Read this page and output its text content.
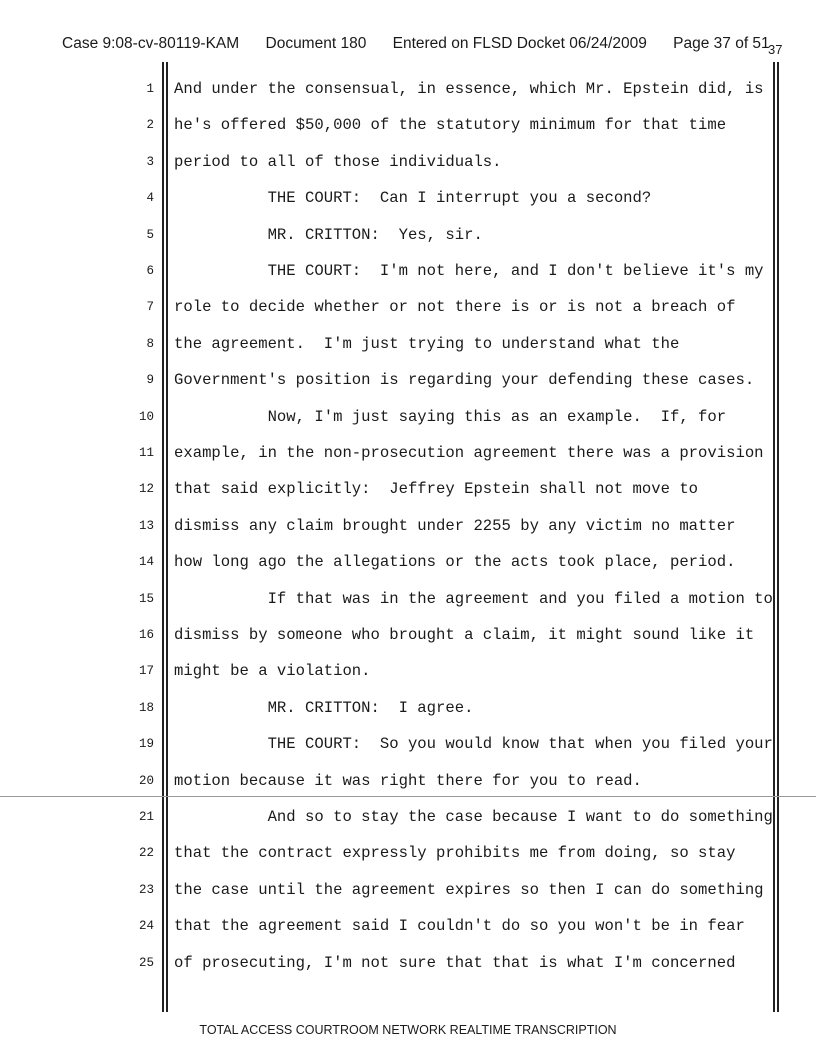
Case 9:08-cv-80119-KAM Document 180 Entered on FLSD Docket 06/24/2009 Page 37 of 51
37
1 And under the consensual, in essence, which Mr. Epstein did, is
2 he's offered $50,000 of the statutory minimum for that time
3 period to all of those individuals.
4 THE COURT:  Can I interrupt you a second?
5 MR. CRITTON:  Yes, sir.
6 THE COURT:  I'm not here, and I don't believe it's my
7 role to decide whether or not there is or is not a breach of
8 the agreement.  I'm just trying to understand what the
9 Government's position is regarding your defending these cases.
10 Now, I'm just saying this as an example.  If, for
11 example, in the non-prosecution agreement there was a provision
12 that said explicitly:  Jeffrey Epstein shall not move to
13 dismiss any claim brought under 2255 by any victim no matter
14 how long ago the allegations or the acts took place, period.
15 If that was in the agreement and you filed a motion to
16 dismiss by someone who brought a claim, it might sound like it
17 might be a violation.
18 MR. CRITTON:  I agree.
19 THE COURT:  So you would know that when you filed your
20 motion because it was right there for you to read.
21 And so to stay the case because I want to do something
22 that the contract expressly prohibits me from doing, so stay
23 the case until the agreement expires so then I can do something
24 that the agreement said I couldn't do so you won't be in fear
25 of prosecuting, I'm not sure that that is what I'm concerned
TOTAL ACCESS COURTROOM NETWORK REALTIME TRANSCRIPTION
